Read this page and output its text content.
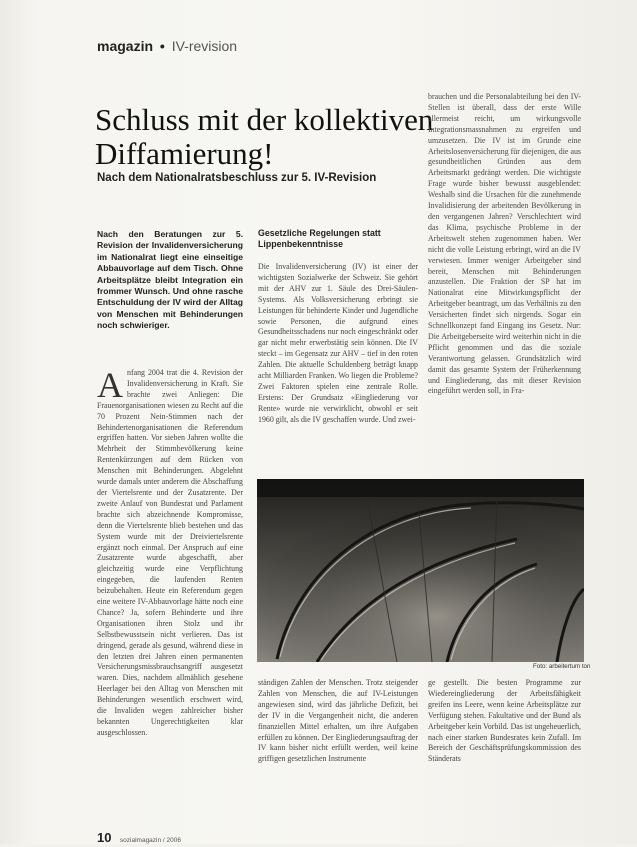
magazin • IV-revision
Schluss mit der kollektiven Diffamierung!
Nach dem Nationalratsbeschluss zur 5. IV-Revision

Nach den Beratungen zur 5. Revision der Invalidenversicherung im Nationalrat liegt eine einseitige Abbauvorlage auf dem Tisch. Ohne Arbeitsplätze bleibt Integration ein frommer Wunsch. Und ohne rasche Entschuldung der IV wird der Alltag von Menschen mit Behinderungen noch schwieriger.

Anfang 2004 trat die 4. Revision der Invalidenversicherung in Kraft. Sie brachte zwei Anliegen: Die Frauenorganisationen wiesen zu Recht auf die 70 Prozent Nein-Stimmen nach der Behindertenorganisationen die Referendum ergriffen hatten. Vor sieben Jahren wollte die Mehrheit der Stimmbevölkerung keine Rentenkürzungen auf dem Rücken von Menschen mit Behinderungen. Abgelehnt wurde damals unter anderem die Abschaffung der Viertelsrente und der Zusatzrente. Der zweite Anlauf von Bundesrat und Parlament brachte sich abzeichnende Kompromisse, denn die Viertelsrente blieb bestehen und das System wurde mit der Dreiviertelsrente ergänzt noch einmal. Der Anspruch auf eine Zusatzrente wurde abgeschafft, aber gleichzeitig wurde eine Verpflichtung eingegeben, die laufenden Renten beizubehalten. Heute ein Referendum gegen eine weitere IV-Abbauvorlage hätte noch eine Chance? Ja, sofern Behinderte und ihre Organisationen ihren Stolz und ihr Selbstbewusstsein nicht verlieren. Das ist dringend, gerade als gesund, während diese in den letzten drei Jahren einen permanenten Versicherungsmissbrauchsangriff ausgesetzt waren. Dies, nachdem allmählich gesehene Heerlager bei den Alltag von Menschen mit Behinderungen wesentlich erschwert wird, die Invaliden wegen zahlreicher bisher bekannten Ungerechtigkeiten klar ausgeschlossen.
Gesetzliche Regelungen statt Lippenbekenntnisse

Die Invalidenversicherung (IV) ist einer der wichtigsten Sozialwerke der Schweiz. Sie gehört mit der AHV zur 1. Säule des Drei-Säulen-Systems. Als Volksversicherung erbringt sie Leistungen für behinderte Kinder und Jugendliche sowie Personen, die aufgrund eines Gesundheitsschadens nur noch eingeschränkt oder gar nicht mehr erwerbstätig sein können. Die IV steckt – im Gegensatz zur AHV – tief in den roten Zahlen. Die aktuelle Schuldenberg beträgt knapp acht Milliarden Franken. Wo liegen die Probleme? Zwei Faktoren spielen eine zentrale Rolle. Erstens: Der Grundsatz «Eingliederung vor Rente» wurde nie verwirklicht, obwohl er seit 1960 gilt, als die IV geschaffen wurde. Und zwei-

brauchen und die Personalabteilung bei den IV-Stellen ist überall, dass der erste Wille allermeist reicht, um wirkungsvolle Integrationsmassnahmen zu ergreifen und umzusetzen. Die IV ist im Grunde eine Arbeitslosenversicherung für diejenigen, die aus gesundheitlichen Gründen aus dem Arbeitsmarkt gedrängt werden. Die wichtigste Frage wurde bisher bewusst ausgeblendet: Weshalb sind die Ursachen für die zunehmende Invalidisierung der arbeitenden Bevölkerung in den vergangenen Jahren? Verschlechtert wird das Klima, psychische Probleme in der Arbeitswelt stehen zugenommen haben. Wer nicht die volle Leistung erbringt, wird an die IV verwiesen. Immer weniger Arbeitgeber sind bereit, Menschen mit Behinderungen anzustellen. Die Fraktion der SP hat im Nationalrat eine Mitwirkungspflicht der Arbeitgeber beantragt, um das Verhältnis zu den Versicherten findet sich nirgends. Sogar ein Schnellkonzept fand Eingang ins Gesetz. Nur: Die Arbeitgeberseite wird weiterhin nicht in die Pflicht genommen und das die soziale Verantwortung gelassen. Grundsätzlich wird damit das gesamte System der Früherkennung und Eingliederung, das mit dieser Revision eingeführt werden soll, in Fra-

Foto: arbeitertum ton

ständigen Zahlen der Menschen. Trotz steigender Zahlen von Menschen, die auf IV-Leistungen angewiesen sind, wird das jährliche Defizit, bei der IV in die Vergangenheit nicht, die anderen finanziellen Mittel erhalten, um ihre Aufgaben erfüllen zu können. Der Eingliederungsauftrag der IV kann bisher nicht erfüllt werden, weil keine griffigen gesetzlichen Instrumente

ge gestellt. Die besten Programme zur Wiedereingliederung der Arbeitsfähigkeit greifen ins Leere, wenn keine Arbeitsplätze zur Verfügung stehen. Fakultative und der Bund als Arbeitgeber kein Vorbild. Das ist ungeheuerlich, nach einer starken Bundesrates kein Zufall. Im Bereich der Geschäftsprüfungskommission des Ständerats

10 sozialmagazin / 2006
